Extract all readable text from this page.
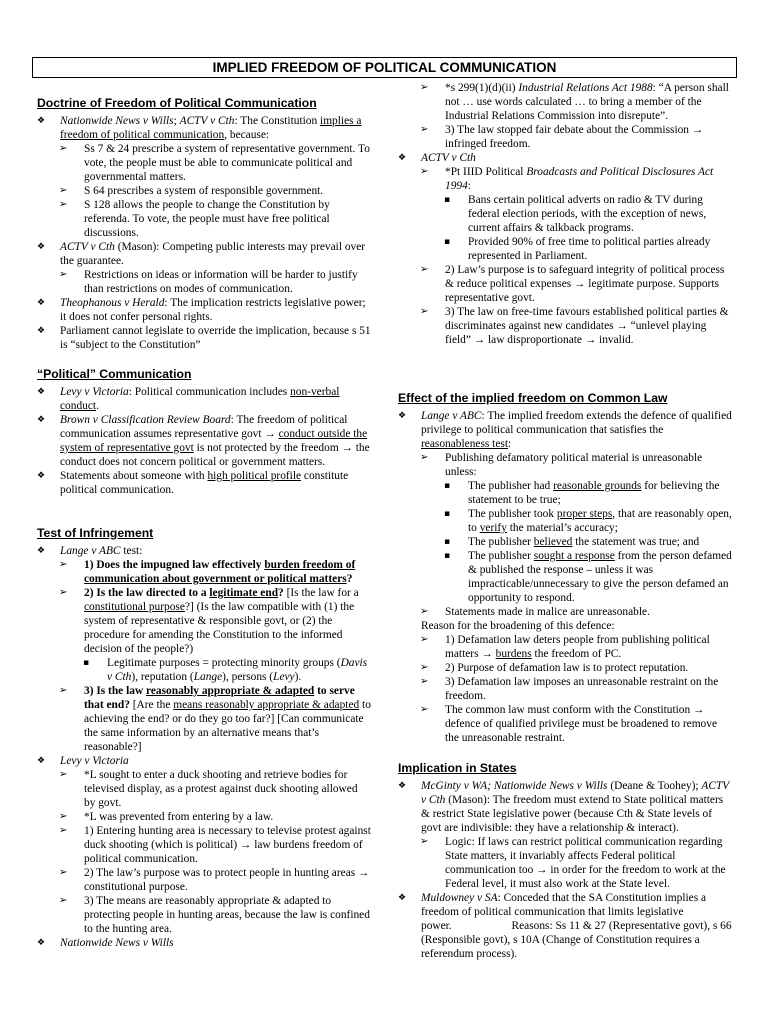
IMPLIED FREEDOM OF POLITICAL COMMUNICATION
Doctrine of Freedom of Political Communication
❖ Nationwide News v Wills; ACTV v Cth: The Constitution implies a freedom of political communication, because:
➢ Ss 7 & 24 prescribe a system of representative government. To vote, the people must be able to communicate political and governmental matters.
➢ S 64 prescribes a system of responsible government.
➢ S 128 allows the people to change the Constitution by referenda. To vote, the people must have free political discussions.
❖ ACTV v Cth (Mason): Competing public interests may prevail over the guarantee.
➢ Restrictions on ideas or information will be harder to justify than restrictions on modes of communication.
❖ Theophanous v Herald: The implication restricts legislative power; it does not confer personal rights.
❖ Parliament cannot legislate to override the implication, because s 51 is “subject to the Constitution”
“Political” Communication
❖ Levy v Victoria: Political communication includes non-verbal conduct.
❖ Brown v Classification Review Board: The freedom of political communication assumes representative govt → conduct outside the system of representative govt is not protected by the freedom → the conduct does not concern political or government matters.
❖ Statements about someone with high political profile constitute political communication.
Test of Infringement
❖ Lange v ABC test:
➢ 1) Does the impugned law effectively burden freedom of communication about government or political matters?
➢ 2) Is the law directed to a legitimate end? [Is the law for a constitutional purpose?] (Is the law compatible with (1) the system of representative & responsible govt, or (2) the procedure for amending the Constitution to the informed decision of the people?)
▪ Legitimate purposes = protecting minority groups (Davis v Cth), reputation (Lange), persons (Levy).
➢ 3) Is the law reasonably appropriate & adapted to serve that end? [Are the means reasonably appropriate & adapted to achieving the end? or do they go too far?] [Can communicate the same information by an alternative means that’s reasonable?]
❖ Levy v Victoria
➢ *L sought to enter a duck shooting and retrieve bodies for televised display, as a protest against duck shooting allowed by govt.
➢ *L was prevented from entering by a law.
➢ 1) Entering hunting area is necessary to televise protest against duck shooting (which is political) → law burdens freedom of political communication.
➢ 2) The law’s purpose was to protect people in hunting areas → constitutional purpose.
➢ 3) The means are reasonably appropriate & adapted to protecting people in hunting areas, because the law is confined to the hunting area.
❖ Nationwide News v Wills
➢ *s 299(1)(d)(ii) Industrial Relations Act 1988: “A person shall not … use words calculated … to bring a member of the Industrial Relations Commission into disrepute”.
➢ 3) The law stopped fair debate about the Commission → infringed freedom.
❖ ACTV v Cth
➢ *Pt IIID Political Broadcasts and Political Disclosures Act 1994:
▪ Bans certain political adverts on radio & TV during federal election periods, with the exception of news, current affairs & talkback programs.
▪ Provided 90% of free time to political parties already represented in Parliament.
➢ 2) Law’s purpose is to safeguard integrity of political process & reduce political expenses → legitimate purpose. Supports representative govt.
➢ 3) The law on free-time favours established political parties & discriminates against new candidates → “unlevel playing field” → law disproportionate → invalid.
Effect of the implied freedom on Common Law
❖ Lange v ABC: The implied freedom extends the defence of qualified privilege to political communication that satisfies the reasonableness test:
➢ Publishing defamatory political material is unreasonable unless:
▪ The publisher had reasonable grounds for believing the statement to be true;
▪ The publisher took proper steps, that are reasonably open, to verify the material’s accuracy;
▪ The publisher believed the statement was true; and
▪ The publisher sought a response from the person defamed & published the response – unless it was impracticable/unnecessary to give the person defamed an opportunity to respond.
➢ Statements made in malice are unreasonable.
Reason for the broadening of this defence:
➢ 1) Defamation law deters people from publishing political matters → burdens the freedom of PC.
➢ 2) Purpose of defamation law is to protect reputation.
➢ 3) Defamation law imposes an unreasonable restraint on the freedom.
➢ The common law must conform with the Constitution → defence of qualified privilege must be broadened to remove the unreasonable restraint.
Implication in States
❖ McGinty v WA; Nationwide News v Wills (Deane & Toohey); ACTV v Cth (Mason): The freedom must extend to State political matters & restrict State legislative power (because Cth & State levels of govt are indivisible: they have a relationship & interact).
➢ Logic: If laws can restrict political communication regarding State matters, it invariably affects Federal political communication too → in order for the freedom to work at the Federal level, it must also work at the State level.
❖ Muldowney v SA: Conceded that the SA Constitution implies a freedom of political communication that limits legislative power.                     Reasons: Ss 11 & 27 (Representative govt), s 66 (Responsible govt), s 10A (Change of Constitution requires a referendum process).
